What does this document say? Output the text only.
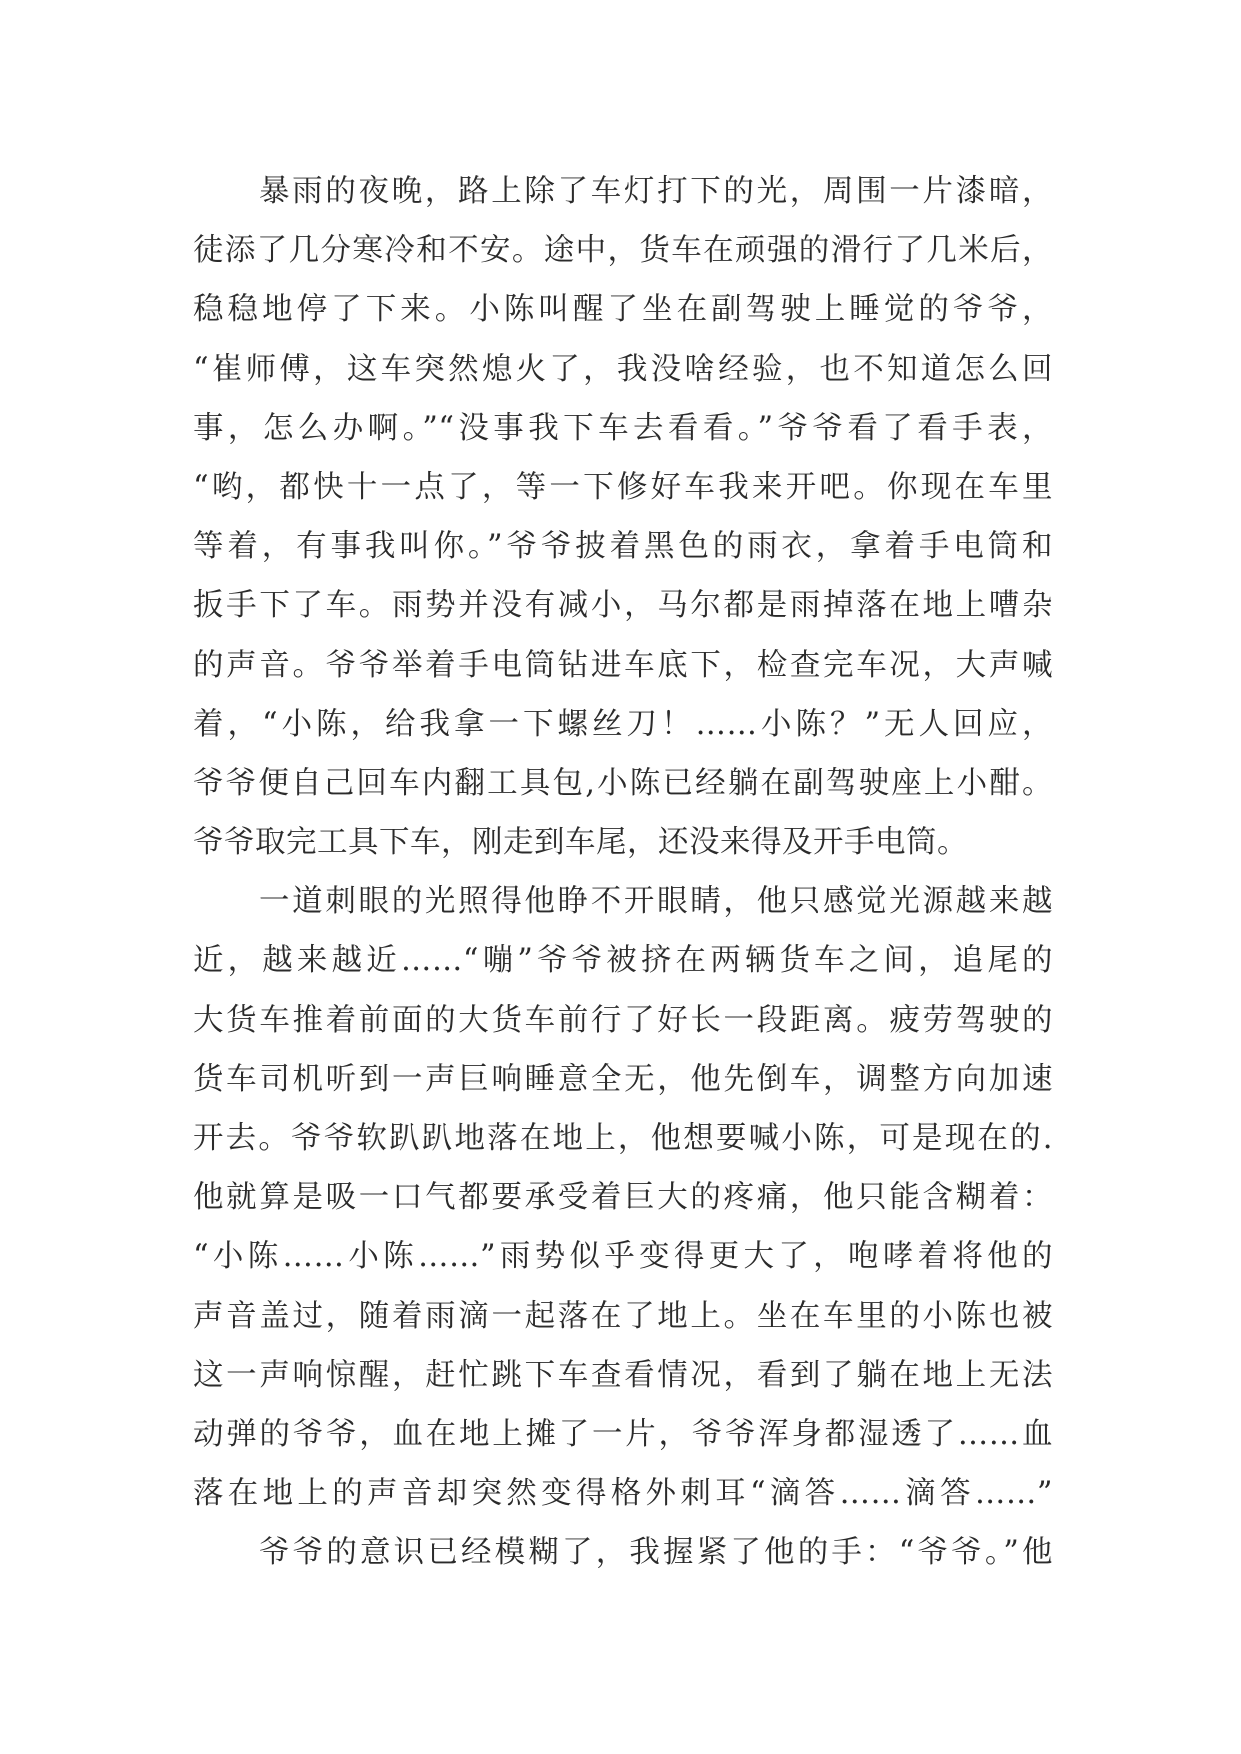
暴雨的夜晚，路上除了车灯打下的光，周围一片漆暗，
徒添了几分寒冷和不安。途中，货车在顽强的滑行了几米后，
稳稳地停了下来。小陈叫醒了坐在副驾驶上睡觉的爷爷，
“崔师傅，这车突然熄火了，我没啥经验，也不知道怎么回
事，怎么办啊。”“没事我下车去看看。”爷爷看了看手表，
“哟，都快十一点了，等一下修好车我来开吧。你现在车里
等着，有事我叫你。”爷爷披着黑色的雨衣，拿着手电筒和
扳手下了车。雨势并没有减小，马尔都是雨掉落在地上嘈杂
的声音。爷爷举着手电筒钻进车底下，检查完车况，大声喊
着，“小陈，给我拿一下螺丝刀！……小陈？”无人回应，
爷爷便自己回车内翻工具包,小陈已经躺在副驾驶座上小酣。
爷爷取完工具下车，刚走到车尾，还没来得及开手电筒。
一道刺眼的光照得他睁不开眼睛，他只感觉光源越来越
近，越来越近……“嘣”爷爷被挤在两辆货车之间，追尾的
大货车推着前面的大货车前行了好长一段距离。疲劳驾驶的
货车司机听到一声巨响睡意全无，他先倒车，调整方向加速
开去。爷爷软趴趴地落在地上，他想要喊小陈，可是现在的.
他就算是吸一口气都要承受着巨大的疼痛，他只能含糊着：
“小陈……小陈……”雨势似乎变得更大了，咆哮着将他的
声音盖过，随着雨滴一起落在了地上。坐在车里的小陈也被
这一声响惊醒，赶忙跳下车查看情况，看到了躺在地上无法
动弹的爷爷，血在地上摊了一片，爷爷浑身都湿透了……血
落在地上的声音却突然变得格外刺耳“滴答……滴答……”
爷爷的意识已经模糊了，我握紧了他的手：“爷爷。”他
